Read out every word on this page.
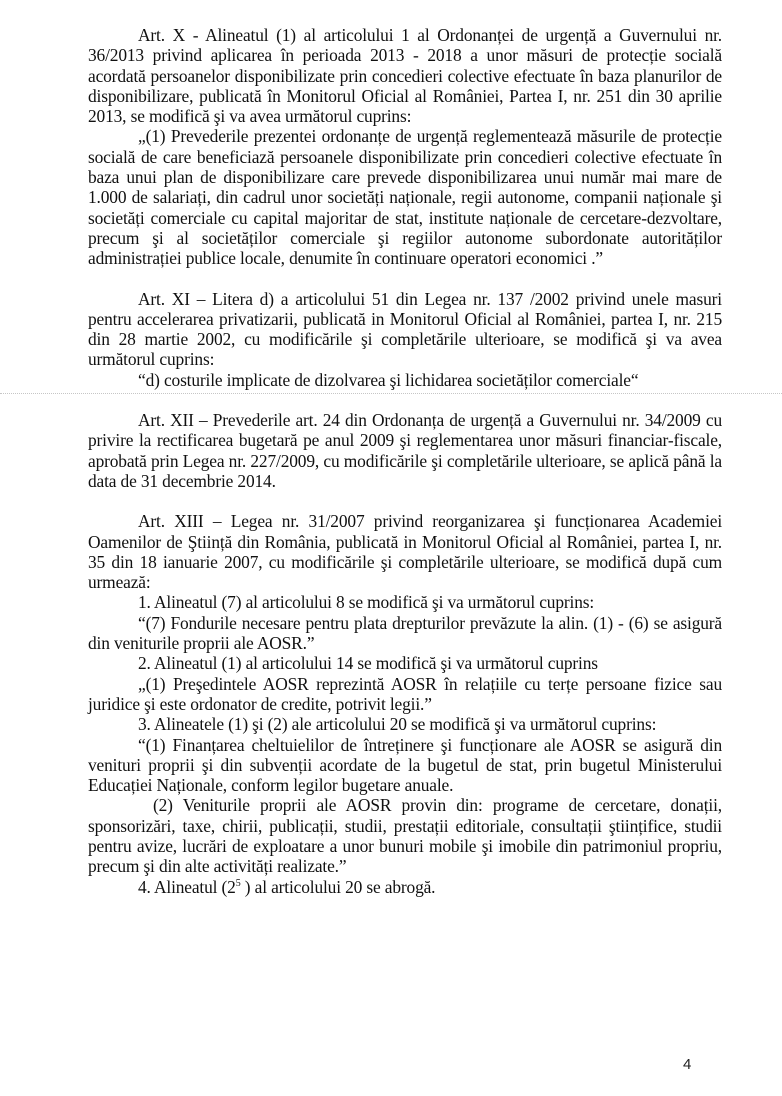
Art. X - Alineatul (1) al articolului 1 al Ordonanței de urgență a Guvernului nr. 36/2013 privind aplicarea în perioada 2013 - 2018 a unor măsuri de protecție socială acordată persoanelor disponibilizate prin concedieri colective efectuate în baza planurilor de disponibilizare, publicată în Monitorul Oficial al României, Partea I, nr. 251 din 30 aprilie 2013, se modifică şi va avea următorul cuprins:

„(1) Prevederile prezentei ordonanțe de urgență reglementează măsurile de protecție socială de care beneficiază persoanele disponibilizate prin concedieri colective efectuate în baza unui plan de disponibilizare care prevede disponibilizarea unui număr mai mare de 1.000 de salariați, din cadrul unor societăți naționale, regii autonome, companii naționale şi societăți comerciale cu capital majoritar de stat, institute naționale de cercetare-dezvoltare, precum şi al societăților comerciale şi regiilor autonome subordonate autorităților administrației publice locale, denumite în continuare operatori economici .”

Art. XI – Litera d) a articolului 51 din Legea nr. 137 /2002 privind unele masuri pentru accelerarea privatizarii, publicată in Monitorul Oficial al României, partea I, nr. 215 din 28 martie 2002, cu modificările şi completările ulterioare, se modifică şi va avea următorul cuprins:

“d) costurile implicate de dizolvarea şi lichidarea societăților comerciale“

Art. XII – Prevederile art. 24 din Ordonanța de urgență a Guvernului nr. 34/2009 cu privire la rectificarea bugetară pe anul 2009 şi reglementarea unor măsuri financiar-fiscale, aprobată prin Legea nr. 227/2009, cu modificările şi completările ulterioare, se aplică până la data de 31 decembrie 2014.

Art. XIII – Legea nr. 31/2007 privind reorganizarea şi funcționarea Academiei Oamenilor de Ştiință din România, publicată in Monitorul Oficial al României, partea I, nr. 35 din 18 ianuarie 2007, cu modificările şi completările ulterioare, se modifică după cum urmează:

1. Alineatul (7) al articolului 8 se modifică şi va următorul cuprins:

“(7) Fondurile necesare pentru plata drepturilor prevăzute la alin. (1) - (6) se asigură din veniturile proprii ale AOSR.”

2. Alineatul (1) al articolului 14 se modifică şi va următorul cuprins

„(1) Preşedintele AOSR reprezintă AOSR în relațiile cu terțe persoane fizice sau juridice şi este ordonator de credite, potrivit legii.”

3. Alineatele (1) şi (2) ale articolului 20 se modifică şi va următorul cuprins:

“(1) Finanțarea cheltuielilor de întreținere şi funcționare ale AOSR se asigură din venituri proprii şi din subvenții acordate de la bugetul de stat, prin bugetul Ministerului Educației Naționale, conform legilor bugetare anuale.

(2) Veniturile proprii ale AOSR provin din: programe de cercetare, donații, sponsorizări, taxe, chirii, publicații, studii, prestații editoriale, consultații ştiințifice, studii pentru avize, lucrări de exploatare a unor bunuri mobile şi imobile din patrimoniul propriu, precum şi din alte activități realizate.”

4. Alineatul ($2^5$ ) al articolului 20 se abrogă.

4
